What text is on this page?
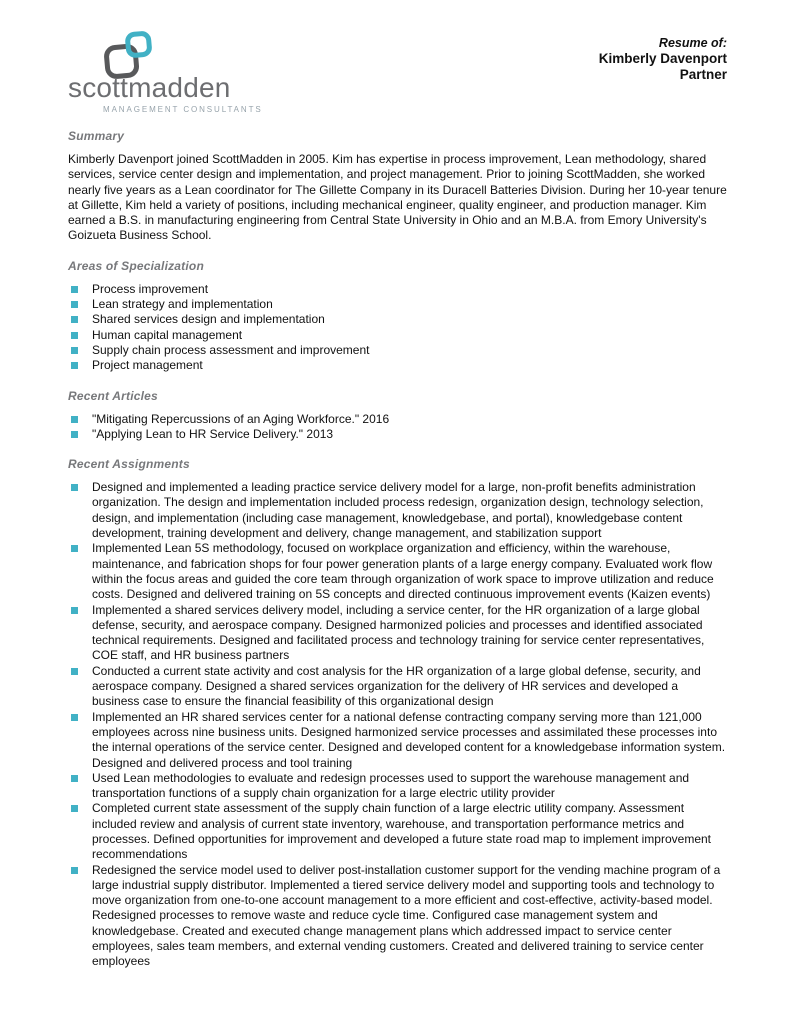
scottmadden
MANAGEMENT CONSULTANTS
Resume of:
Kimberly Davenport
Partner
Summary

Kimberly Davenport joined ScottMadden in 2005. Kim has expertise in process improvement, Lean methodology, shared services, service center design and implementation, and project management. Prior to joining ScottMadden, she worked nearly five years as a Lean coordinator for The Gillette Company in its Duracell Batteries Division. During her 10-year tenure at Gillette, Kim held a variety of positions, including mechanical engineer, quality engineer, and production manager. Kim earned a B.S. in manufacturing engineering from Central State University in Ohio and an M.B.A. from Emory University's Goizueta Business School.

Areas of Specialization
Process improvement
Lean strategy and implementation
Shared services design and implementation
Human capital management
Supply chain process assessment and improvement
Project management
Recent Articles
"Mitigating Repercussions of an Aging Workforce." 2016
"Applying Lean to HR Service Delivery." 2013
Recent Assignments
Designed and implemented a leading practice service delivery model for a large, non-profit benefits administration organization. The design and implementation included process redesign, organization design, technology selection, design, and implementation (including case management, knowledgebase, and portal), knowledgebase content development, training development and delivery, change management, and stabilization support
Implemented Lean 5S methodology, focused on workplace organization and efficiency, within the warehouse, maintenance, and fabrication shops for four power generation plants of a large energy company. Evaluated work flow within the focus areas and guided the core team through organization of work space to improve utilization and reduce costs. Designed and delivered training on 5S concepts and directed continuous improvement events (Kaizen events)
Implemented a shared services delivery model, including a service center, for the HR organization of a large global defense, security, and aerospace company. Designed harmonized policies and processes and identified associated technical requirements. Designed and facilitated process and technology training for service center representatives, COE staff, and HR business partners
Conducted a current state activity and cost analysis for the HR organization of a large global defense, security, and aerospace company. Designed a shared services organization for the delivery of HR services and developed a business case to ensure the financial feasibility of this organizational design
Implemented an HR shared services center for a national defense contracting company serving more than 121,000 employees across nine business units. Designed harmonized service processes and assimilated these processes into the internal operations of the service center. Designed and developed content for a knowledgebase information system. Designed and delivered process and tool training
Used Lean methodologies to evaluate and redesign processes used to support the warehouse management and transportation functions of a supply chain organization for a large electric utility provider
Completed current state assessment of the supply chain function of a large electric utility company. Assessment included review and analysis of current state inventory, warehouse, and transportation performance metrics and processes. Defined opportunities for improvement and developed a future state road map to implement improvement recommendations
Redesigned the service model used to deliver post-installation customer support for the vending machine program of a large industrial supply distributor. Implemented a tiered service delivery model and supporting tools and technology to move organization from one-to-one account management to a more efficient and cost-effective, activity-based model. Redesigned processes to remove waste and reduce cycle time. Configured case management system and knowledgebase. Created and executed change management plans which addressed impact to service center employees, sales team members, and external vending customers. Created and delivered training to service center employees
